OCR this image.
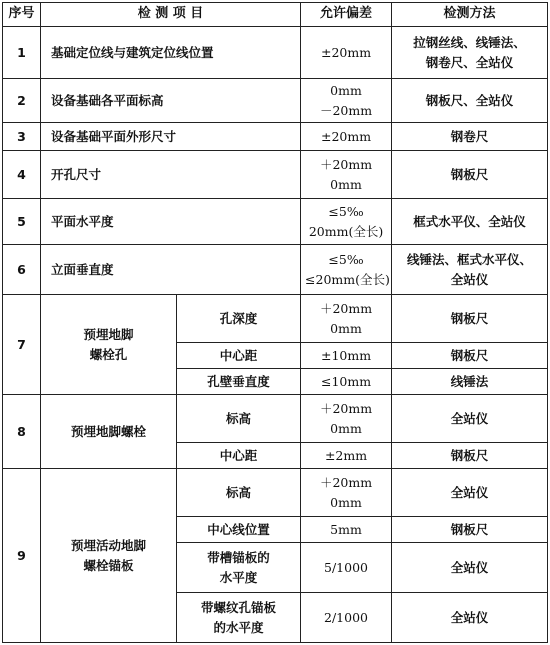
序号	检 测 项 目		允许偏差	检测方法
1	基础定位线与建筑定位线位置		±20mm	拉钢丝线、线锤法、
钢卷尺、全站仪

2	设备基础各平面标高		0mm
－20mm	钢板尺、全站仪

3	设备基础平面外形尺寸		±20mm	钢卷尺

4	开孔尺寸		＋20mm
0mm	钢板尺

5	平面水平度		≤5‰
20mm(全长)	框式水平仪、全站仪

6	立面垂直度		≤5‰
≤20mm(全长)	线锤法、框式水平仪、
全站仪

7	预埋地脚
螺栓孔	孔深度	＋20mm
0mm	钢板尺
		中心距	±10mm	钢板尺
		孔壁垂直度	≤10mm	线锤法
8	预埋地脚螺栓	标高	＋20mm
0mm	全站仪
		中心距	±2mm	钢板尺
9	预埋活动地脚
螺栓锚板	标高	＋20mm
0mm	全站仪
		中心线位置	5mm	钢板尺

		带槽锚板的
水平度	5/1000	全站仪

		带螺纹孔锚板
的水平度	2/1000	全站仪
